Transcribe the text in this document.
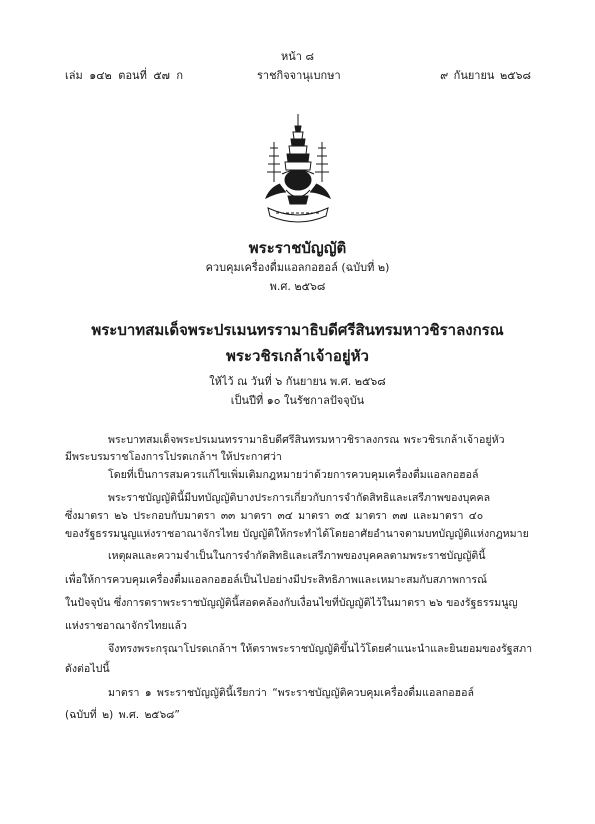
หน้า ๘
เล่ม ๑๔๒ ตอนที่ ๕๗ ก	ราชกิจจานุเบกษา	๙ กันยายน ๒๕๖๘
พระราชบัญญัติ
ควบคุมเครื่องดื่มแอลกอฮอล์ (ฉบับที่ ๒)
พ.ศ. ๒๕๖๘
พระบาทสมเด็จพระปรเมนทรรามาธิบดีศรีสินทรมหาวชิราลงกรณ
พระวชิรเกล้าเจ้าอยู่หัว
ให้ไว้ ณ วันที่ ๖ กันยายน พ.ศ. ๒๕๖๘
เป็นปีที่ ๑๐ ในรัชกาลปัจจุบัน
พระบาทสมเด็จพระปรเมนทรรามาธิบดีศรีสินทรมหาวชิราลงกรณ พระวชิรเกล้าเจ้าอยู่หัว
มีพระบรมราชโองการโปรดเกล้าฯ ให้ประกาศว่า
โดยที่เป็นการสมควรแก้ไขเพิ่มเติมกฎหมายว่าด้วยการควบคุมเครื่องดื่มแอลกอฮอล์
พระราชบัญญัตินี้มีบทบัญญัติบางประการเกี่ยวกับการจำกัดสิทธิและเสรีภาพของบุคคล
ซึ่งมาตรา ๒๖ ประกอบกับมาตรา ๓๓ มาตรา ๓๔ มาตรา ๓๕ มาตรา ๓๗ และมาตรา ๔๐
ของรัฐธรรมนูญแห่งราชอาณาจักรไทย บัญญัติให้กระทำได้โดยอาศัยอำนาจตามบทบัญญัติแห่งกฎหมาย
เหตุผลและความจำเป็นในการจำกัดสิทธิและเสรีภาพของบุคคลตามพระราชบัญญัตินี้
เพื่อให้การควบคุมเครื่องดื่มแอลกอฮอล์เป็นไปอย่างมีประสิทธิภาพและเหมาะสมกับสภาพการณ์
ในปัจจุบัน ซึ่งการตราพระราชบัญญัตินี้สอดคล้องกับเงื่อนไขที่บัญญัติไว้ในมาตรา ๒๖ ของรัฐธรรมนูญ
แห่งราชอาณาจักรไทยแล้ว
จึงทรงพระกรุณาโปรดเกล้าฯ ให้ตราพระราชบัญญัติขึ้นไว้โดยคำแนะนำและยินยอมของรัฐสภา
ดังต่อไปนี้
มาตรา ๑ พระราชบัญญัตินี้เรียกว่า “พระราชบัญญัติควบคุมเครื่องดื่มแอลกอฮอล์
(ฉบับที่ ๒) พ.ศ. ๒๕๖๘”
